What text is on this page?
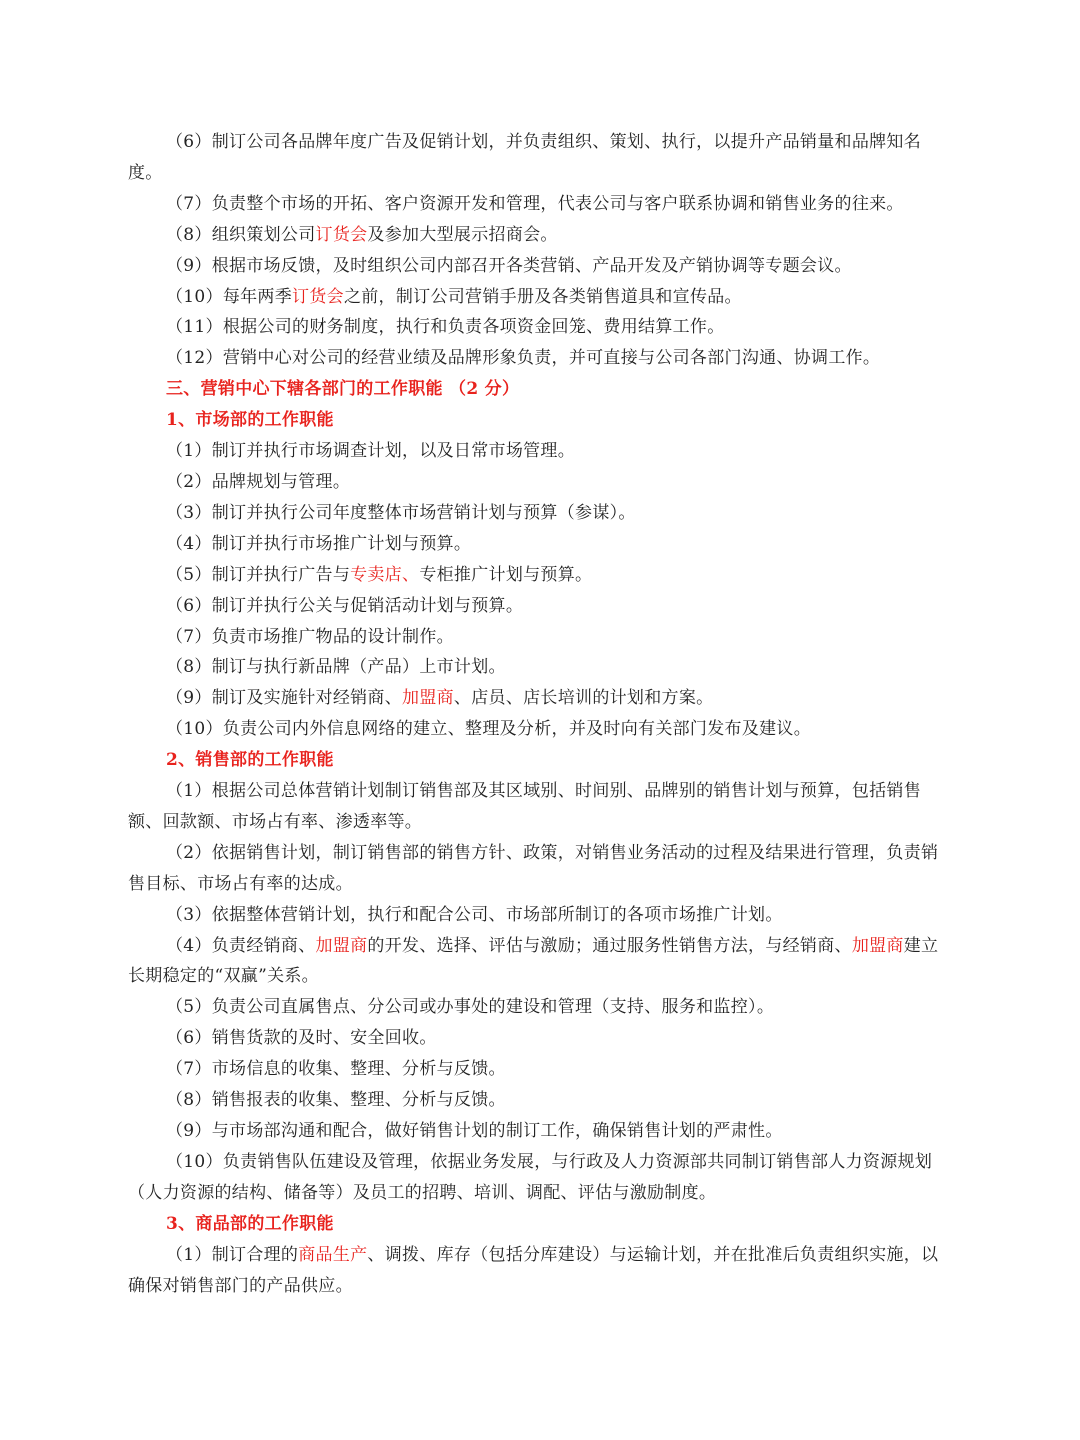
（6）制订公司各品牌年度广告及促销计划，并负责组织、策划、执行，以提升产品销量和品牌知名度。
（7）负责整个市场的开拓、客户资源开发和管理，代表公司与客户联系协调和销售业务的往来。
（8）组织策划公司订货会及参加大型展示招商会。
（9）根据市场反馈，及时组织公司内部召开各类营销、产品开发及产销协调等专题会议。
（10）每年两季订货会之前，制订公司营销手册及各类销售道具和宣传品。
（11）根据公司的财务制度，执行和负责各项资金回笼、费用结算工作。
（12）营销中心对公司的经营业绩及品牌形象负责，并可直接与公司各部门沟通、协调工作。
三、营销中心下辖各部门的工作职能 （2 分）
1、市场部的工作职能
（1）制订并执行市场调查计划，以及日常市场管理。
（2）品牌规划与管理。
（3）制订并执行公司年度整体市场营销计划与预算（参谋）。
（4）制订并执行市场推广计划与预算。
（5）制订并执行广告与专卖店、专柜推广计划与预算。
（6）制订并执行公关与促销活动计划与预算。
（7）负责市场推广物品的设计制作。
（8）制订与执行新品牌（产品）上市计划。
（9）制订及实施针对经销商、加盟商、店员、店长培训的计划和方案。
（10）负责公司内外信息网络的建立、整理及分析，并及时向有关部门发布及建议。
2、销售部的工作职能
（1）根据公司总体营销计划制订销售部及其区域别、时间别、品牌别的销售计划与预算，包括销售额、回款额、市场占有率、渗透率等。
（2）依据销售计划，制订销售部的销售方针、政策，对销售业务活动的过程及结果进行管理，负责销售目标、市场占有率的达成。
（3）依据整体营销计划，执行和配合公司、市场部所制订的各项市场推广计划。
（4）负责经销商、加盟商的开发、选择、评估与激励；通过服务性销售方法，与经销商、加盟商建立长期稳定的“双赢”关系。
（5）负责公司直属售点、分公司或办事处的建设和管理（支持、服务和监控）。
（6）销售货款的及时、安全回收。
（7）市场信息的收集、整理、分析与反馈。
（8）销售报表的收集、整理、分析与反馈。
（9）与市场部沟通和配合，做好销售计划的制订工作，确保销售计划的严肃性。
（10）负责销售队伍建设及管理，依据业务发展，与行政及人力资源部共同制订销售部人力资源规划（人力资源的结构、储备等）及员工的招聘、培训、调配、评估与激励制度。
3、商品部的工作职能
（1）制订合理的商品生产、调拨、库存（包括分库建设）与运输计划，并在批准后负责组织实施，以确保对销售部门的产品供应。
